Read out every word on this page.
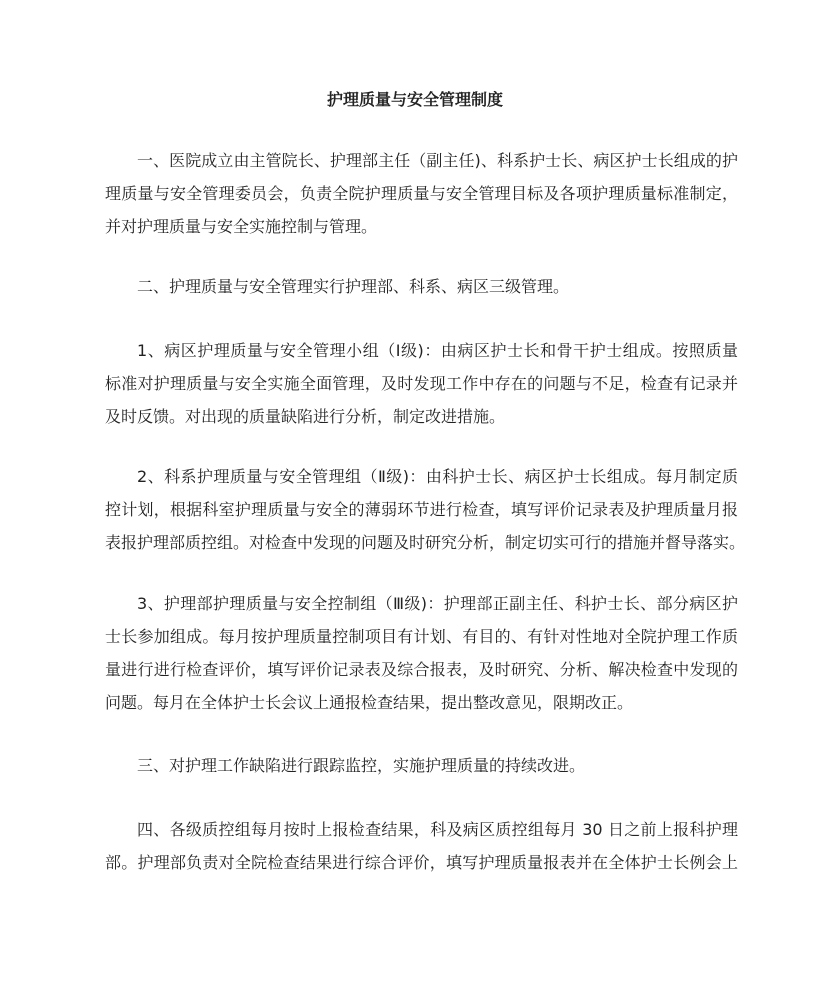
护理质量与安全管理制度
一、医院成立由主管院长、护理部主任（副主任)、科系护士长、病区护士长组成的护
理质量与安全管理委员会，负责全院护理质量与安全管理目标及各项护理质量标准制定，
并对护理质量与安全实施控制与管理。
二、护理质量与安全管理实行护理部、科系、病区三级管理。
1、病区护理质量与安全管理小组（Ⅰ级)：由病区护士长和骨干护士组成。按照质量
标准对护理质量与安全实施全面管理，及时发现工作中存在的问题与不足，检查有记录并
及时反馈。对出现的质量缺陷进行分析，制定改进措施。
2、科系护理质量与安全管理组（Ⅱ级)：由科护士长、病区护士长组成。每月制定质
控计划，根据科室护理质量与安全的薄弱环节进行检查，填写评价记录表及护理质量月报
表报护理部质控组。对检查中发现的问题及时研究分析，制定切实可行的措施并督导落实。
3、护理部护理质量与安全控制组（Ⅲ级)：护理部正副主任、科护士长、部分病区护
士长参加组成。每月按护理质量控制项目有计划、有目的、有针对性地对全院护理工作质
量进行进行检查评价，填写评价记录表及综合报表，及时研究、分析、解决检查中发现的
问题。每月在全体护士长会议上通报检查结果，提出整改意见，限期改正。
三、对护理工作缺陷进行跟踪监控，实施护理质量的持续改进。
四、各级质控组每月按时上报检查结果，科及病区质控组每月 30 日之前上报科护理
部。护理部负责对全院检查结果进行综合评价，填写护理质量报表并在全体护士长例会上
